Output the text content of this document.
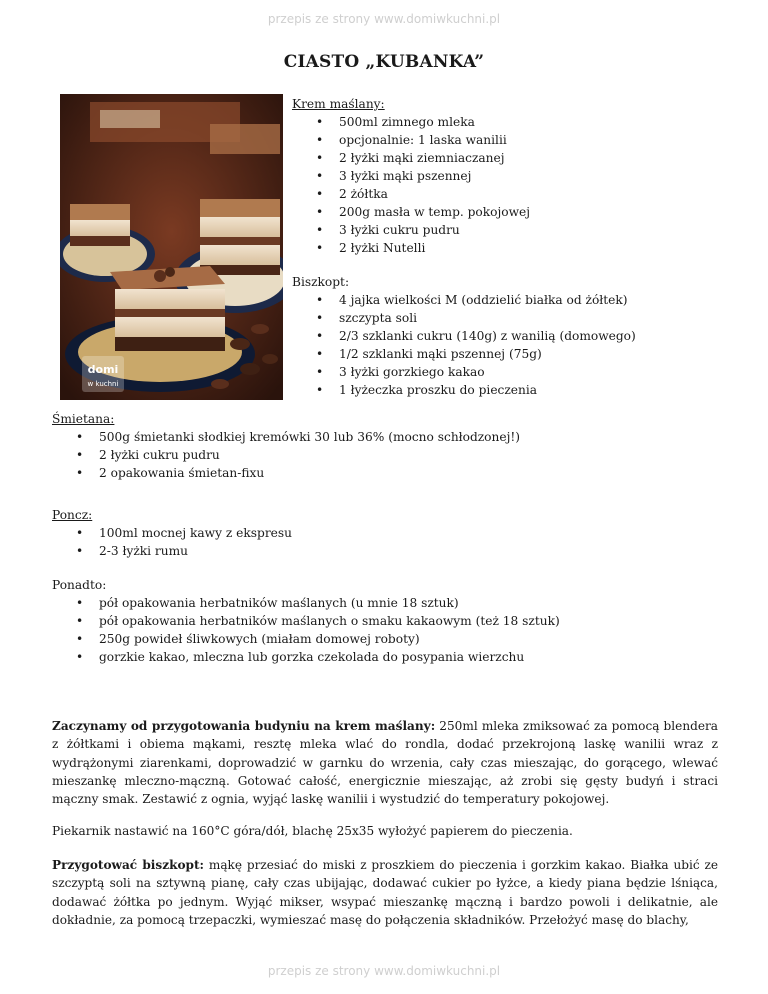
przepis ze strony www.domiwkuchni.pl
CIASTO „KUBANKA”
domi
w kuchni
Krem maślany:
• 500ml zimnego mleka
• opcjonalnie: 1 laska wanilii
• 2 łyżki mąki ziemniaczanej
• 3 łyżki mąki pszennej
• 2 żółtka
• 200g masła w temp. pokojowej
• 3 łyżki cukru pudru
• 2 łyżki Nutelli
Biszkopt:
• 4 jajka wielkości M (oddzielić białka od żółtek)
• szczypta soli
• 2/3 szklanki cukru (140g) z wanilią (domowego)
• 1/2 szklanki mąki pszennej (75g)
• 3 łyżki gorzkiego kakao
• 1 łyżeczka proszku do pieczenia
Śmietana:
• 500g śmietanki słodkiej kremówki 30 lub 36% (mocno schłodzonej!)
• 2 łyżki cukru pudru
• 2 opakowania śmietan-fixu
Poncz:
• 100ml mocnej kawy z ekspresu
• 2-3 łyżki rumu
Ponadto:
• pół opakowania herbatników maślanych (u mnie 18 sztuk)
• pół opakowania herbatników maślanych o smaku kakaowym (też 18 sztuk)
• 250g powideł śliwkowych (miałam domowej roboty)
• gorzkie kakao, mleczna lub gorzka czekolada do posypania wierzchu
Zaczynamy od przygotowania budyniu na krem maślany: 250ml mleka zmiksować za pomocą blendera z żółtkami i obiema mąkami, resztę mleka wlać do rondla, dodać przekrojoną laskę wanilii wraz z wydrążonymi ziarenkami, doprowadzić w garnku do wrzenia, cały czas mieszając, do gorącego, wlewać mieszankę mleczno-mączną. Gotować całość, energicznie mieszając, aż zrobi się gęsty budyń i straci mączny smak. Zestawić z ognia, wyjąć laskę wanilii i wystudzić do temperatury pokojowej.
Piekarnik nastawić na 160°C góra/dół, blachę 25x35 wyłożyć papierem do pieczenia.
Przygotować biszkopt: mąkę przesiać do miski z proszkiem do pieczenia i gorzkim kakao. Białka ubić ze szczyptą soli na sztywną pianę, cały czas ubijając, dodawać cukier po łyżce, a kiedy piana będzie lśniąca, dodawać żółtka po jednym. Wyjąć mikser, wsypać mieszankę mączną i bardzo powoli i delikatnie, ale dokładnie, za pomocą trzepaczki, wymieszać masę do połączenia składników. Przełożyć masę do blachy,
przepis ze strony www.domiwkuchni.pl
